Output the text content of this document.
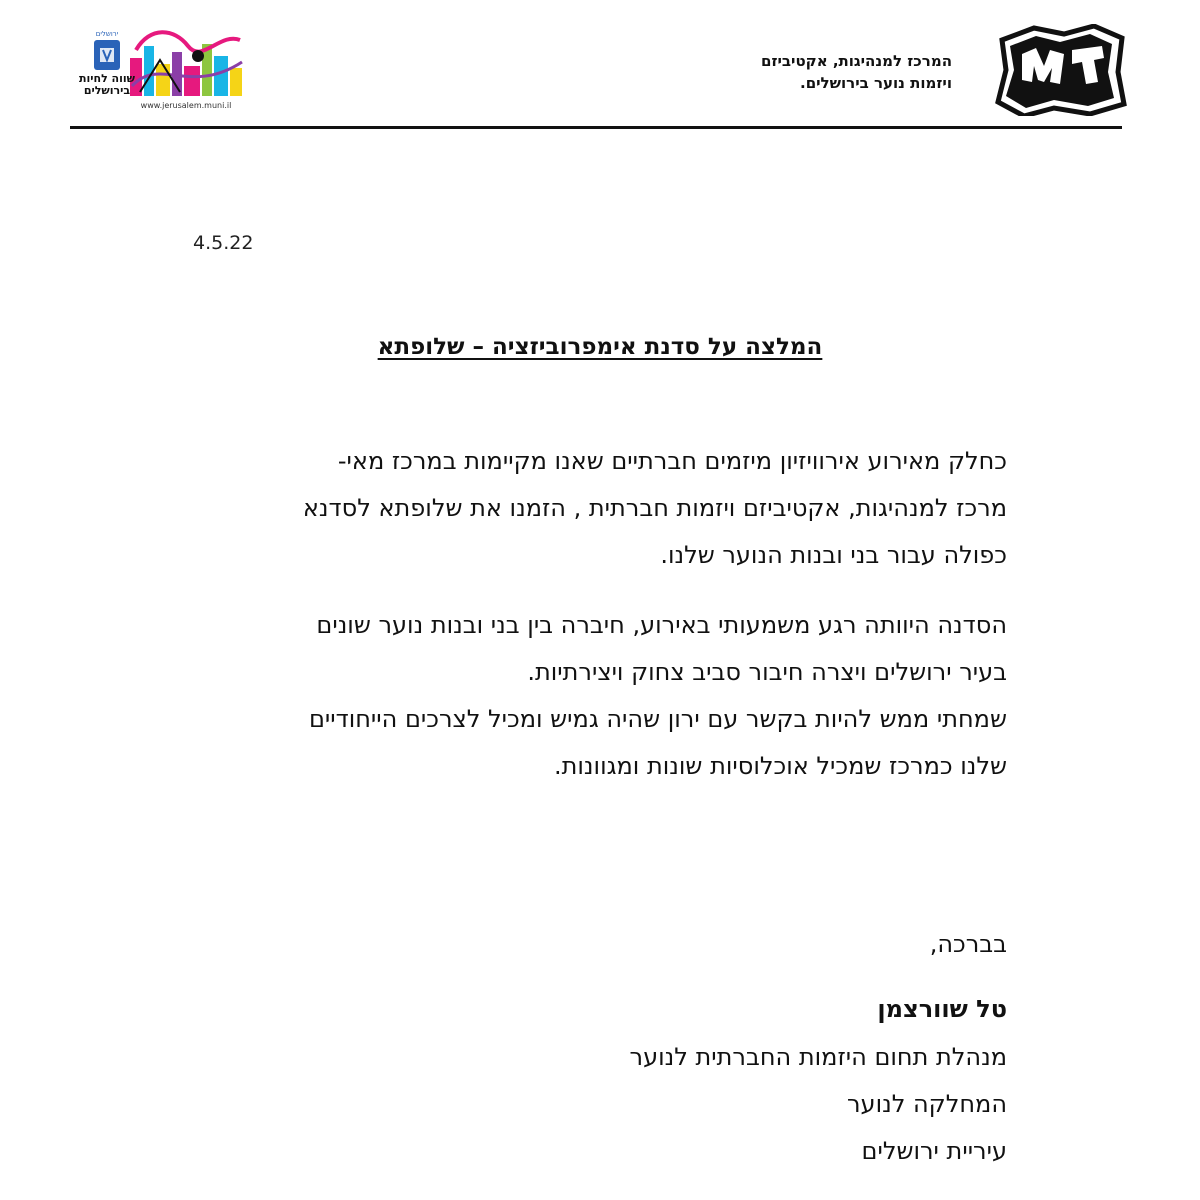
מרכז מאי
המרכז למנהיגות, אקטיביזם
ויזמות נוער בירושלים.
ירושלים
שווה לחיות
בירושלים
www.jerusalem.muni.il
4.5.22
המלצה על סדנת אימפרוביזציה – שלופתא
כחלק מאירוע אירוויזיון מיזמים חברתיים שאנו מקיימות במרכז מאי-
מרכז למנהיגות, אקטיביזם ויזמות חברתית , הזמנו את שלופתא לסדנא
כפולה עבור בני ובנות הנוער שלנו.
הסדנה היוותה רגע משמעותי באירוע, חיברה בין בני ובנות נוער שונים
בעיר ירושלים ויצרה חיבור סביב צחוק ויצירתיות.
שמחתי ממש להיות בקשר עם ירון שהיה גמיש ומכיל לצרכים הייחודיים
שלנו כמרכז שמכיל אוכלוסיות שונות ומגוונות.
בברכה,
טל שוורצמן
מנהלת תחום היזמות החברתית לנוער
המחלקה לנוער
עיריית ירושלים
